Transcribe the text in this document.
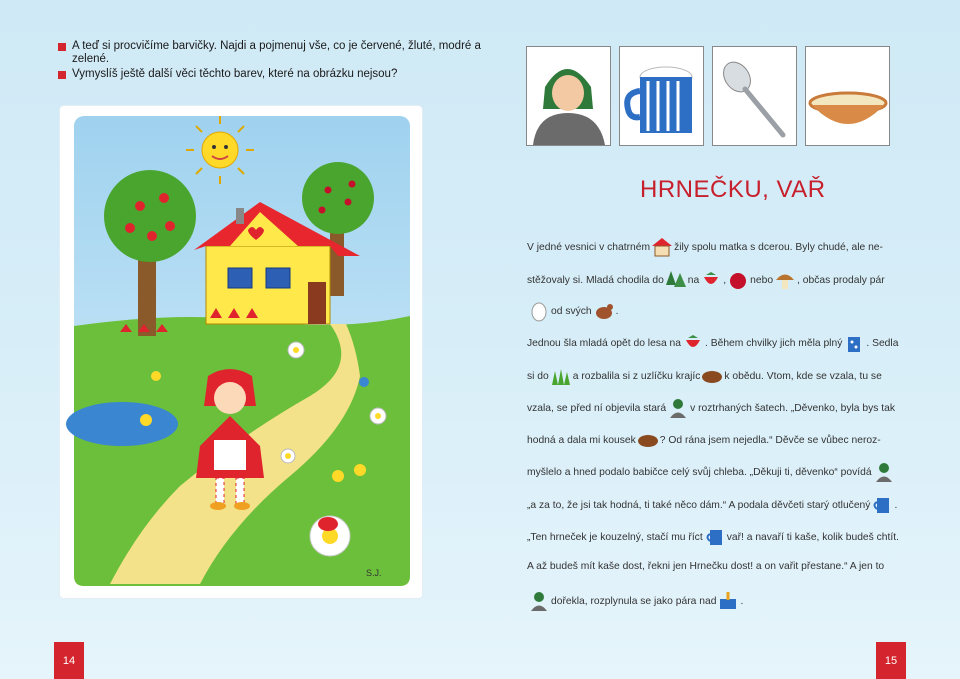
A teď si procvičíme barvičky. Najdi a pojmenuj vše, co je červené, žluté, modré a zelené.
Vymyslíš ještě další věci těchto barev, které na obrázku nejsou?
S.J.
HRNEČKU, VAŘ
V jedné vesnici v chatrném žily spolu matka s dcerou. Byly chudé, ale ne-
stěžovaly si. Mladá chodila do na , nebo , občas prodaly pár
od svých .
Jednou šla mladá opět do lesa na . Během chvilky jich měla plný . Sedla
si do a rozbalila si z uzlíčku krajíc k obědu. Vtom, kde se vzala, tu se
vzala, se před ní objevila stará v roztrhaných šatech. „Děvenko, byla bys tak
hodná a dala mi kousek ? Od rána jsem nejedla.“ Děvče se vůbec neroz-
myšlelo a hned podalo babičce celý svůj chleba. „Děkuji ti, děvenko“ povídá
„a za to, že jsi tak hodná, ti také něco dám.“ A podala děvčeti starý otlučený .
„Ten hrneček je kouzelný, stačí mu říct vař! a navaří ti kaše, kolik budeš chtít.
A až budeš mít kaše dost, řekni jen Hrnečku dost! a on vařit přestane.“ A jen to
dořekla, rozplynula se jako pára nad .
14	15
